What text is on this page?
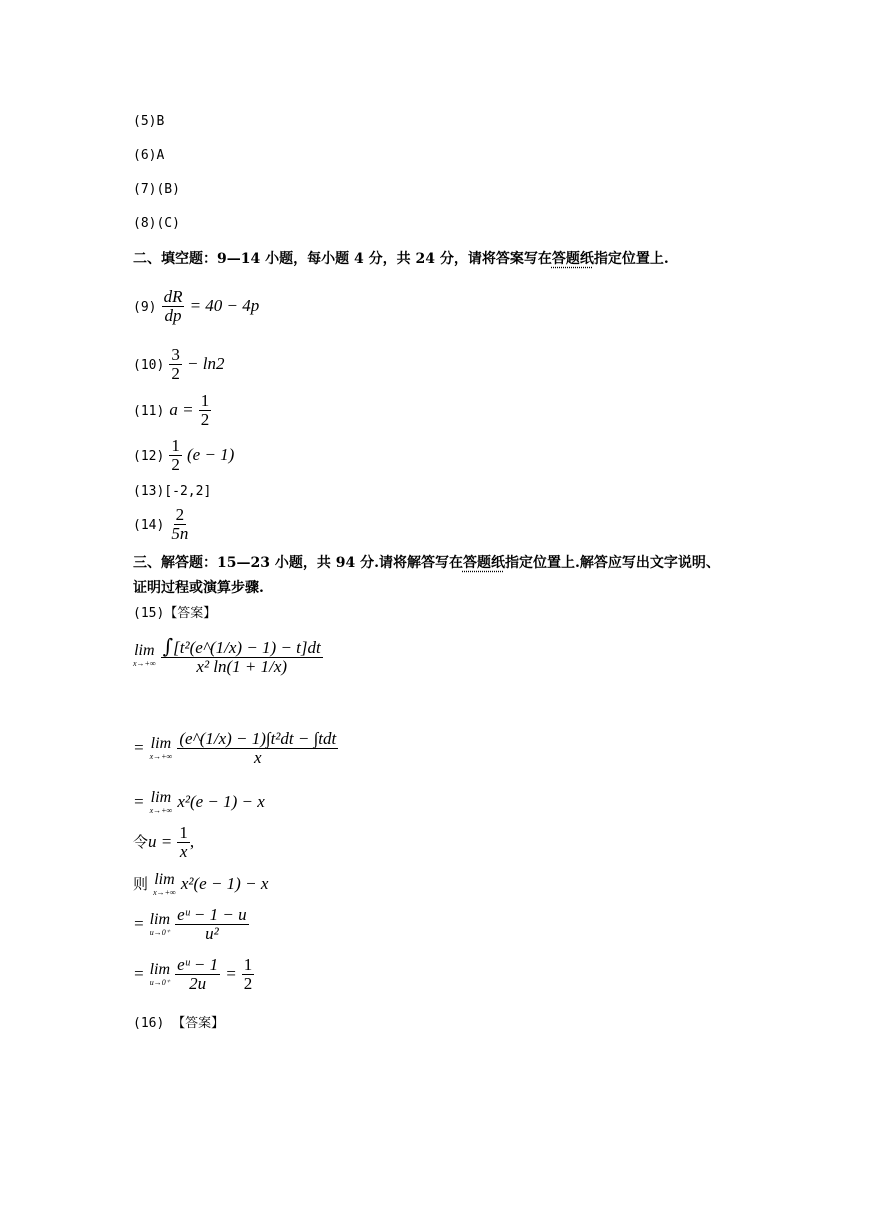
(5)B
(6)A
(7)(B)
(8)(C)
二、填空题：9—14 小题，每小题 4 分，共 24 分，请将答案写在答题纸指定位置上.
$(9) \frac{dR}{dp} = 40 - 4p$
$(10) \frac{3}{2} - \ln 2$
(11) $a = \frac{1}{2}$
$(12) \frac{1}{2} (e - 1)$
(13)[-2,2]
$(14) \frac{2}{5n}$
三、解答题：15—23 小题，共 94 分.请将解答写在答题纸指定位置上.解答应写出文字说明、
证明过程或演算步骤.
(15)【答案】
lim
x→+∞
$\frac{\text{∫[t²(e\textasciicircum{}(1/x) − 1) − t]dt}}{\text{x² ln(1 + 1/x)}}$
= lim
x→+∞
$\frac{\text{(e\textasciicircum{}(1/x) − 1)∫t²dt − ∫tdt}}{x}$
= lim
x→+∞ x²(e − 1) − x
令$u = \frac{1}{x}$ ,
则 lim
x→+∞ x²(e − 1) − x
= lim
u→0⁺
$\frac{\text{eᵘ − 1 − u}}{\text{u²}}$
= lim
u→0⁺
$\frac{\text{eᵘ − 1}}{2u} = \frac{1}{2}$
(16) 【答案】
